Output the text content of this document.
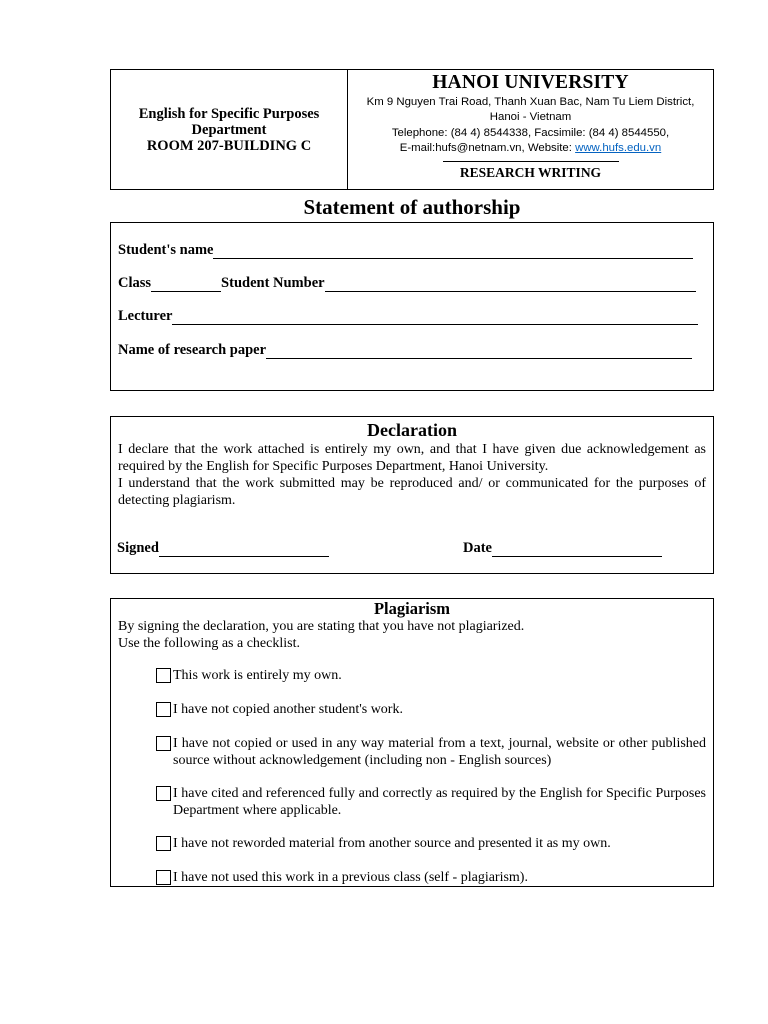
English for Specific Purposes
Department
ROOM 207-BUILDING C
HANOI UNIVERSITY
Km 9 Nguyen Trai Road, Thanh Xuan Bac, Nam Tu Liem District,
Hanoi - Vietnam
Telephone: (84 4) 8544338, Facsimile: (84 4) 8544550,
E-mail:hufs@netnam.vn, Website: www.hufs.edu.vn
RESEARCH WRITING
Statement of authorship
Student's name
Class	Student Number
Lecturer
Name of research paper
Declaration
I declare that the work attached is entirely my own, and that I have given due acknowledgement as required by the English for Specific Purposes Department, Hanoi University.
I understand that the work submitted may be reproduced and/ or communicated for the purposes of detecting plagiarism.
Signed	Date
Plagiarism
By signing the declaration, you are stating that you have not plagiarized.
Use the following as a checklist.
This work is entirely my own.
I have not copied another student's work.
I have not copied or used in any way material from a text, journal, website or other published source without acknowledgement (including non - English sources)
I have cited and referenced fully and correctly as required by the English for Specific Purposes Department where applicable.
I have not reworded material from another source and presented it as my own.
I have not used this work in a previous class (self - plagiarism).
